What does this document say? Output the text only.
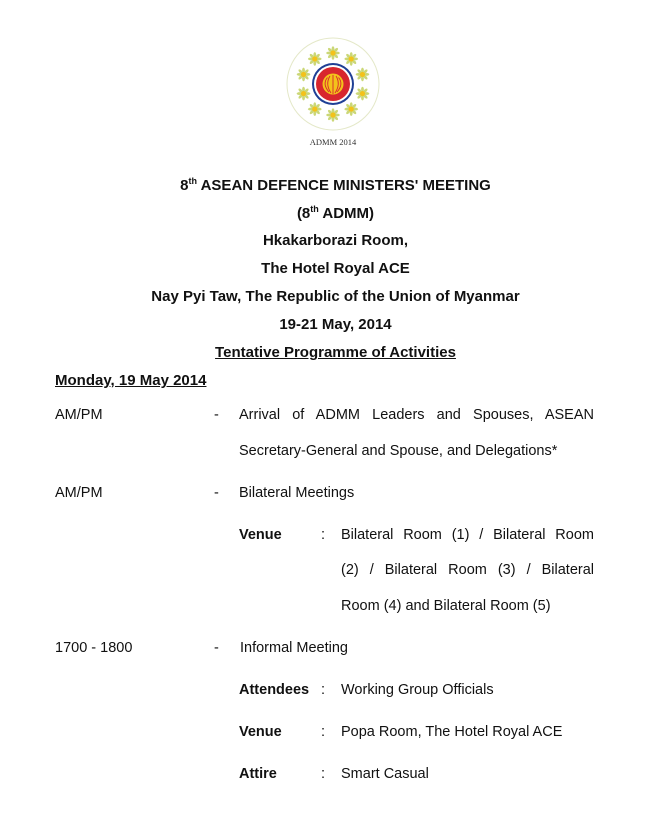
ADMM 2014
8th ASEAN DEFENCE MINISTERS' MEETING
(8th ADMM)
Hkakarborazi Room,
The Hotel Royal ACE
Nay Pyi Taw, The Republic of the Union of Myanmar
19-21 May, 2014
Tentative Programme of Activities
Monday, 19 May 2014
AM/PM	- Arrival of ADMM Leaders and Spouses, ASEAN
Secretary-General and Spouse, and Delegations*
AM/PM	- Bilateral Meetings
Venue	: Bilateral Room (1) / Bilateral Room
(2) / Bilateral Room (3) / Bilateral
Room (4) and Bilateral Room (5)
1700 - 1800	- Informal Meeting
Attendees : Working Group Officials
Venue	: Popa Room, The Hotel Royal ACE
Attire	: Smart Casual
